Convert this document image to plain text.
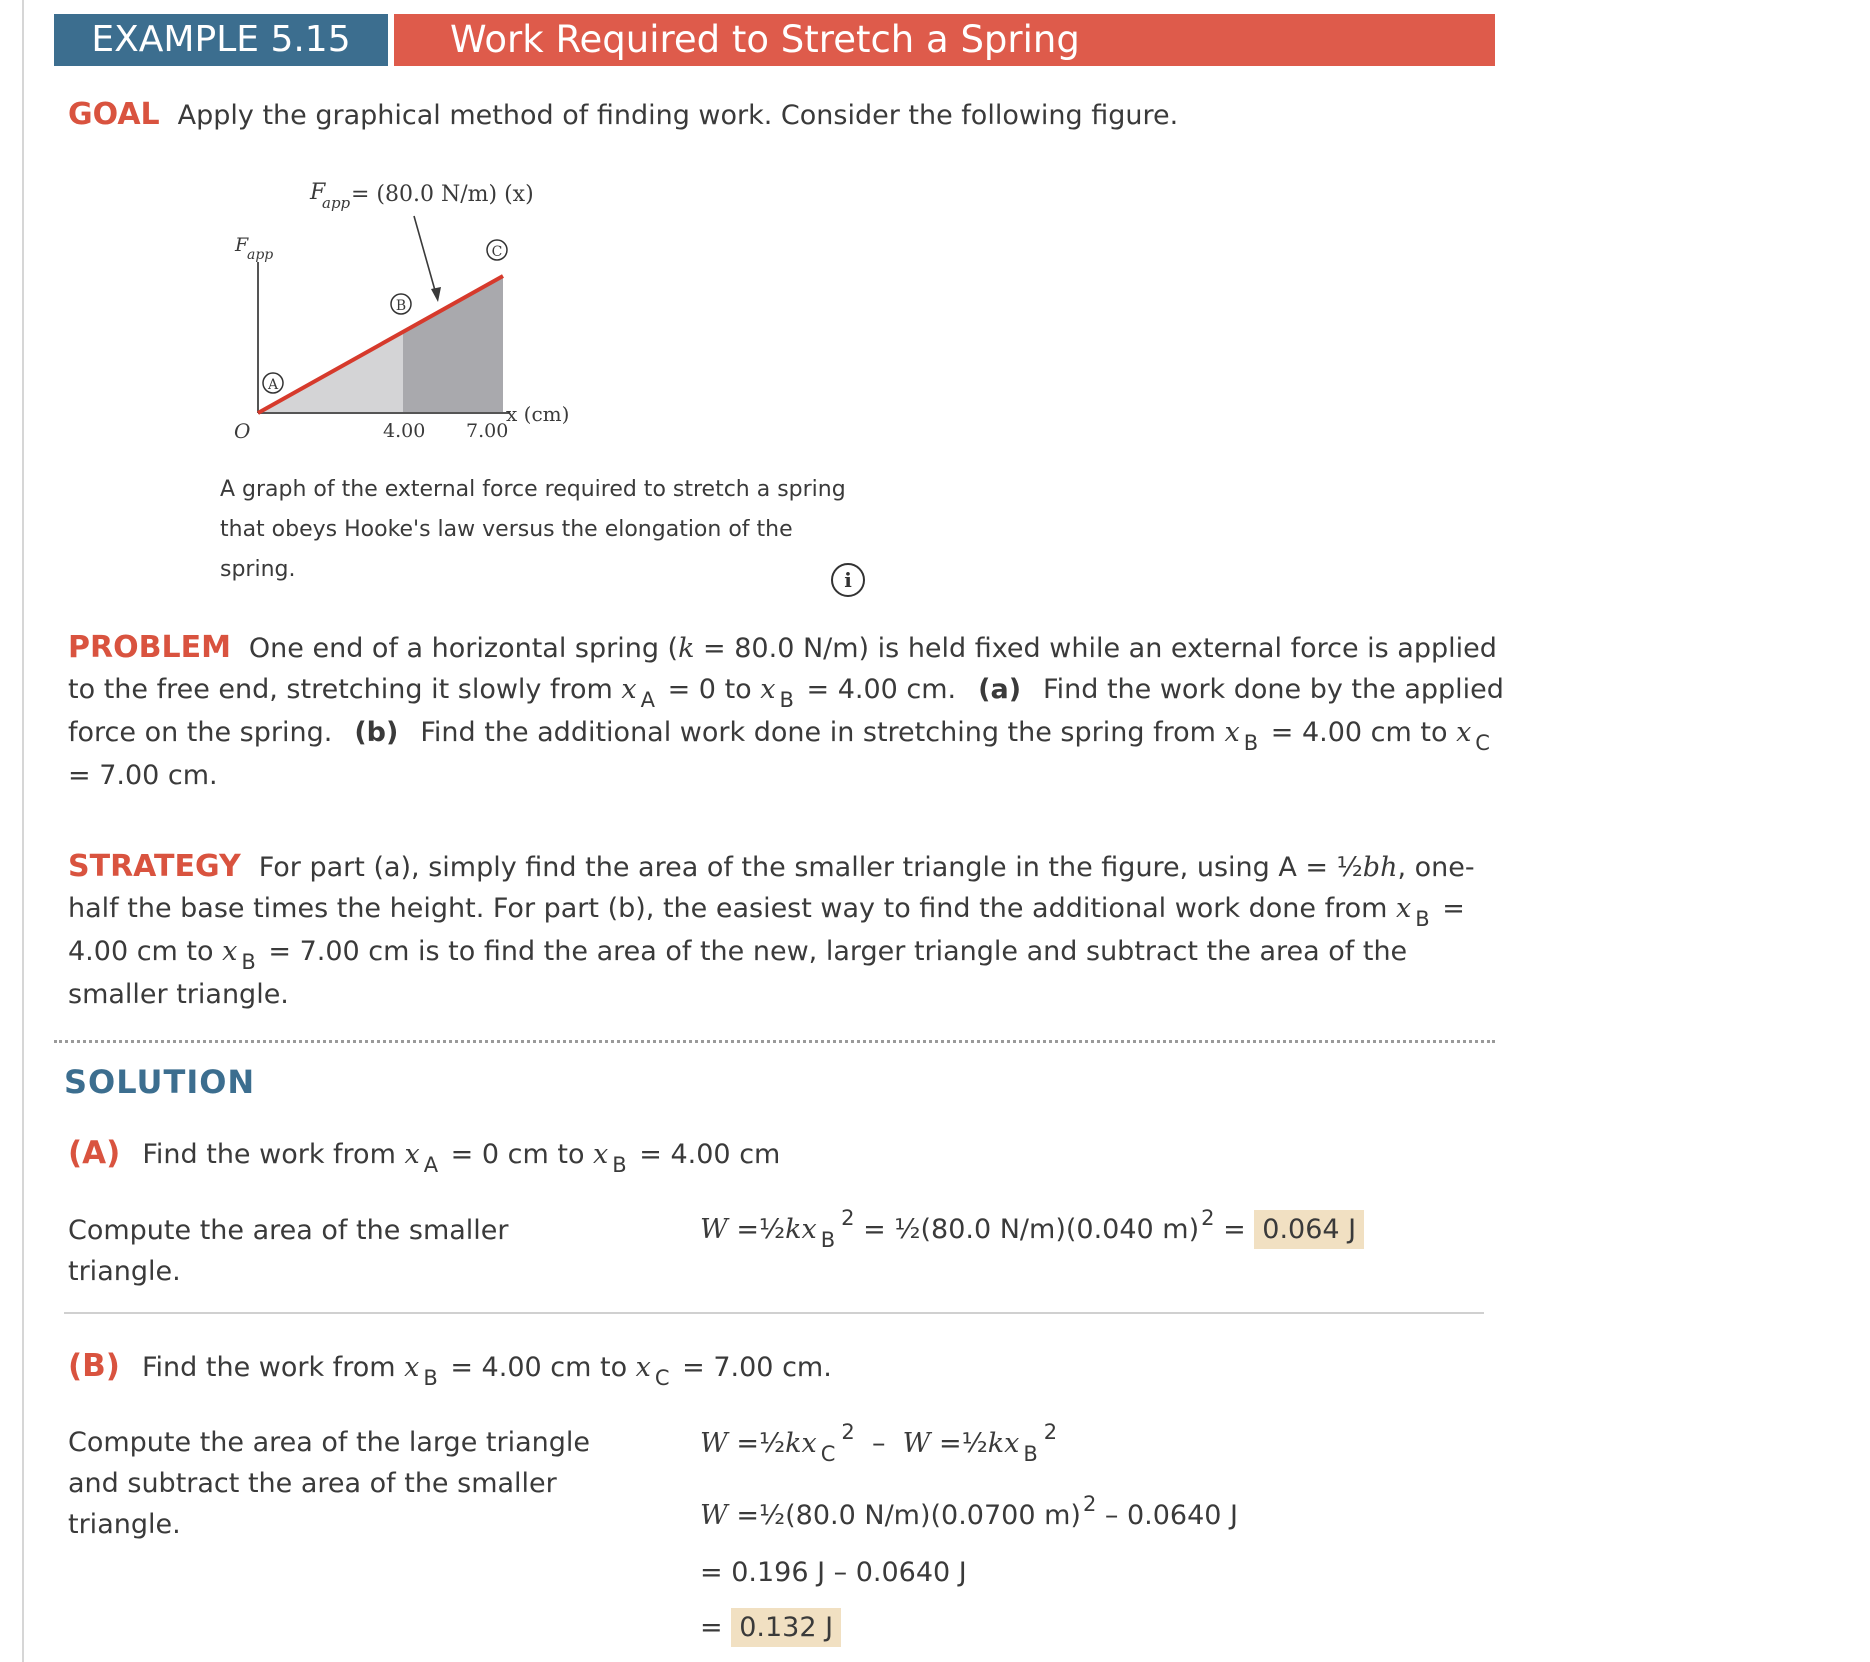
EXAMPLE 5.15	Work Required to Stretch a Spring
GOAL Apply the graphical method of finding work. Consider the following figure.
F
app = (80.0 N/m) (x)
F
app
A
B
C
O	4.00 7.00
x (cm)
A graph of the external force required to stretch a spring that obeys Hooke's law versus the elongation of the spring.	i
PROBLEM One end of a horizontal spring (k = 80.0 N/m) is held fixed while an external force is applied to the free end, stretching it slowly from x $_A$ = 0 to x $_B$ = 4.00 cm. (a) Find the work done by the applied force on the spring. (b) Find the additional work done in stretching the spring from x $_B$ = 4.00 cm to x $_C$ = 7.00 cm.
STRATEGY For part (a), simply find the area of the smaller triangle in the figure, using A = ½bh, one-half the base times the height. For part (b), the easiest way to find the additional work done from x $_B$ = 4.00 cm to x $_B$ = 7.00 cm is to find the area of the new, larger triangle and subtract the area of the smaller triangle.
SOLUTION
(A) Find the work from x $_A$ = 0 cm to x $_B$ = 4.00 cm
Compute the area of the smaller triangle.
W =½kx $_B^2$ = ½(80.0 N/m)(0.040 m)$^2$ = 0.064 J
(B) Find the work from x $_B$ = 4.00 cm to x $_C$ = 7.00 cm.
Compute the area of the large triangle and subtract the area of the smaller triangle.
W =½kx $_C^2$  –  W =½kx $_B^2$
W =½(80.0 N/m)(0.0700 m)$^2$ – 0.0640 J
= 0.196 J – 0.0640 J
= 0.132 J
